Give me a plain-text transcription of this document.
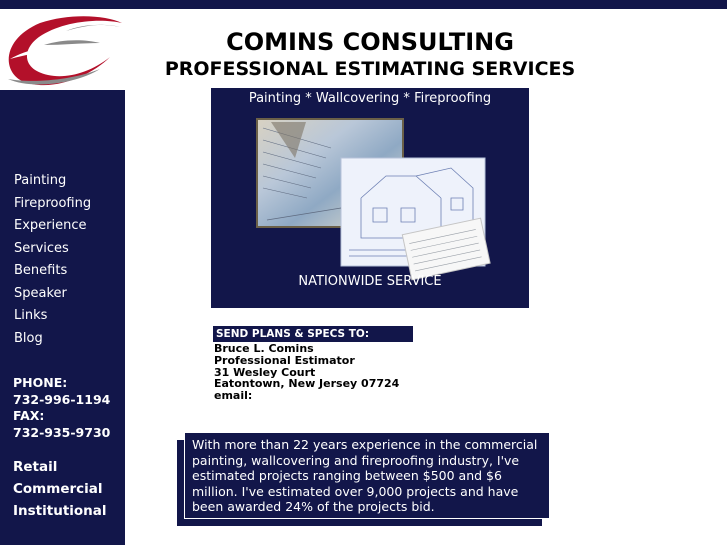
Painting
Fireproofing
Experience
Services
Benefits
Speaker
Links
Blog
PHONE:
732-996-1194
FAX:
732-935-9730
Retail
Commercial
Institutional
COMINS CONSULTING
PROFESSIONAL ESTIMATING SERVICES
Painting * Wallcovering * Fireproofing
NATIONWIDE SERVICE
SEND PLANS & SPECS TO:
Bruce L. Comins
Professional Estimator
31 Wesley Court
Eatontown, New Jersey 07724
email:
With more than 22 years experience in the commercial painting, wallcovering and fireproofing industry, I've estimated projects ranging between $500 and $6 million. I've estimated over 9,000 projects and have been awarded 24% of the projects bid.
